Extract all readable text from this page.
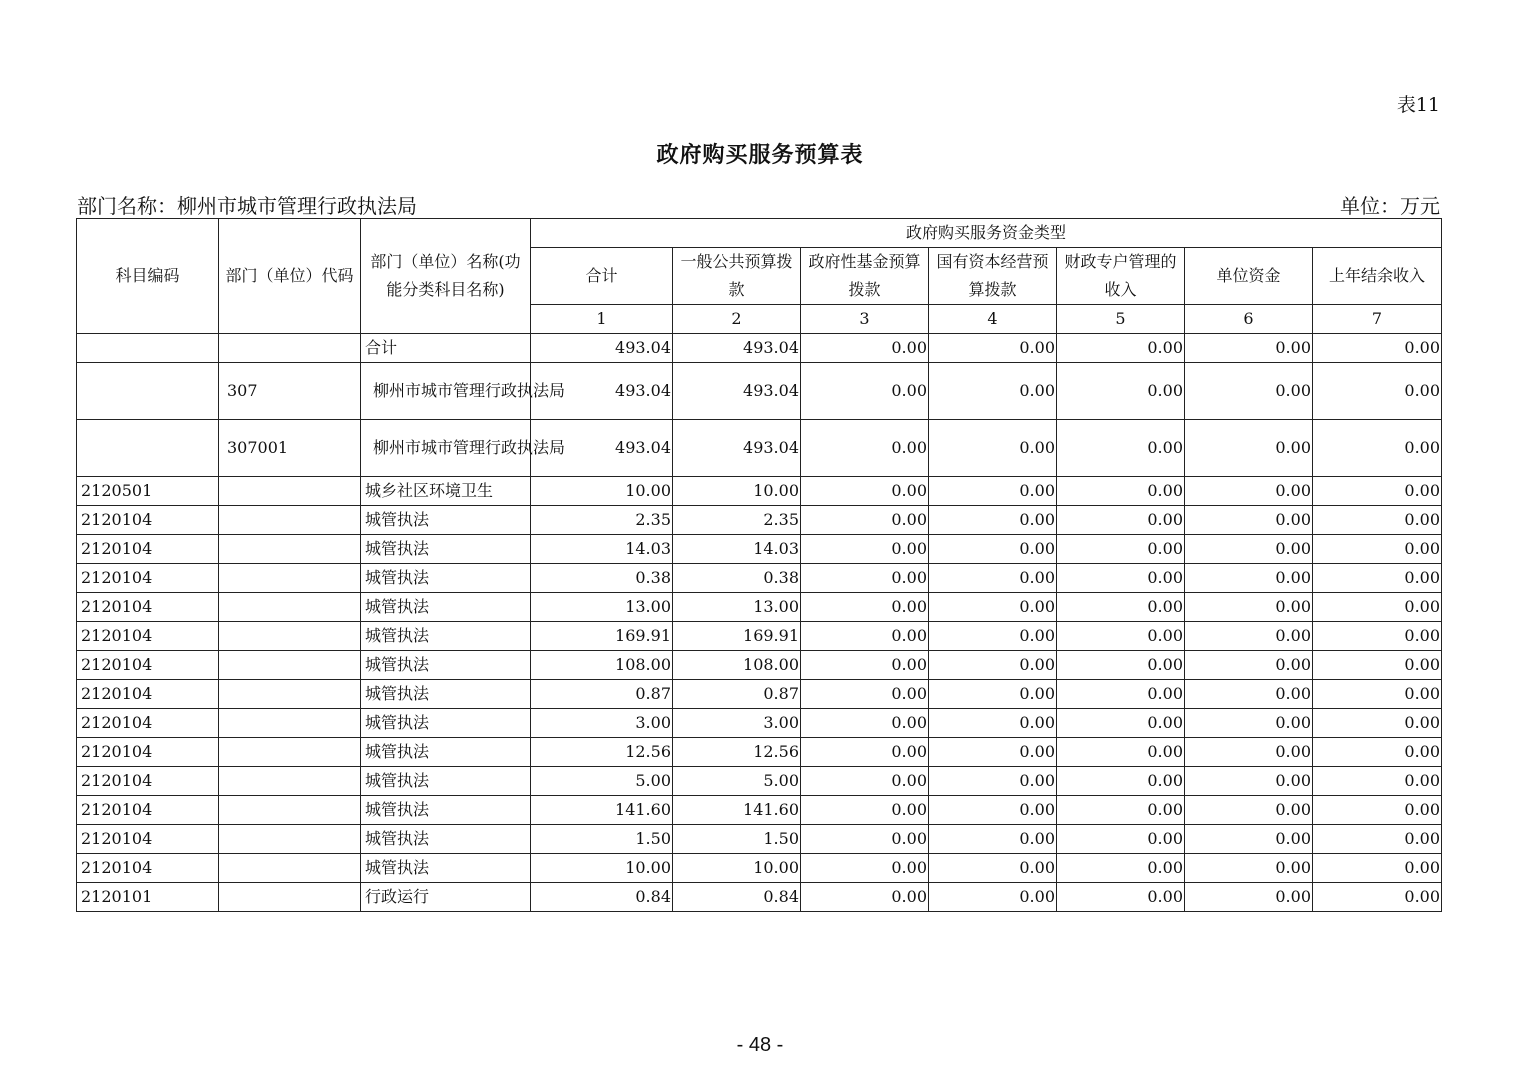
表11
政府购买服务预算表
部门名称：柳州市城市管理行政执法局	单位：万元
科目编码	部门（单位）代码	部门（单位）名称(功能分类科目名称)	政府购买服务资金类型						
			合计	一般公共预算拨款	政府性基金预算拨款	国有资本经营预算拨款	财政专户管理的收入	单位资金	上年结余收入
			1	2	3	4	5	6	7
		合计	493.04	493.04	0.00	0.00	0.00	0.00	0.00
	307	柳州市城市管理行政执法局	493.04	493.04	0.00	0.00	0.00	0.00	0.00
	307001	柳州市城市管理行政执法局	493.04	493.04	0.00	0.00	0.00	0.00	0.00
2120501		城乡社区环境卫生	10.00	10.00	0.00	0.00	0.00	0.00	0.00
2120104		城管执法	2.35	2.35	0.00	0.00	0.00	0.00	0.00
2120104		城管执法	14.03	14.03	0.00	0.00	0.00	0.00	0.00
2120104		城管执法	0.38	0.38	0.00	0.00	0.00	0.00	0.00
2120104		城管执法	13.00	13.00	0.00	0.00	0.00	0.00	0.00
2120104		城管执法	169.91	169.91	0.00	0.00	0.00	0.00	0.00
2120104		城管执法	108.00	108.00	0.00	0.00	0.00	0.00	0.00
2120104		城管执法	0.87	0.87	0.00	0.00	0.00	0.00	0.00
2120104		城管执法	3.00	3.00	0.00	0.00	0.00	0.00	0.00
2120104		城管执法	12.56	12.56	0.00	0.00	0.00	0.00	0.00
2120104		城管执法	5.00	5.00	0.00	0.00	0.00	0.00	0.00
2120104		城管执法	141.60	141.60	0.00	0.00	0.00	0.00	0.00
2120104		城管执法	1.50	1.50	0.00	0.00	0.00	0.00	0.00
2120104		城管执法	10.00	10.00	0.00	0.00	0.00	0.00	0.00
2120101		行政运行	0.84	0.84	0.00	0.00	0.00	0.00	0.00
- 48 -
